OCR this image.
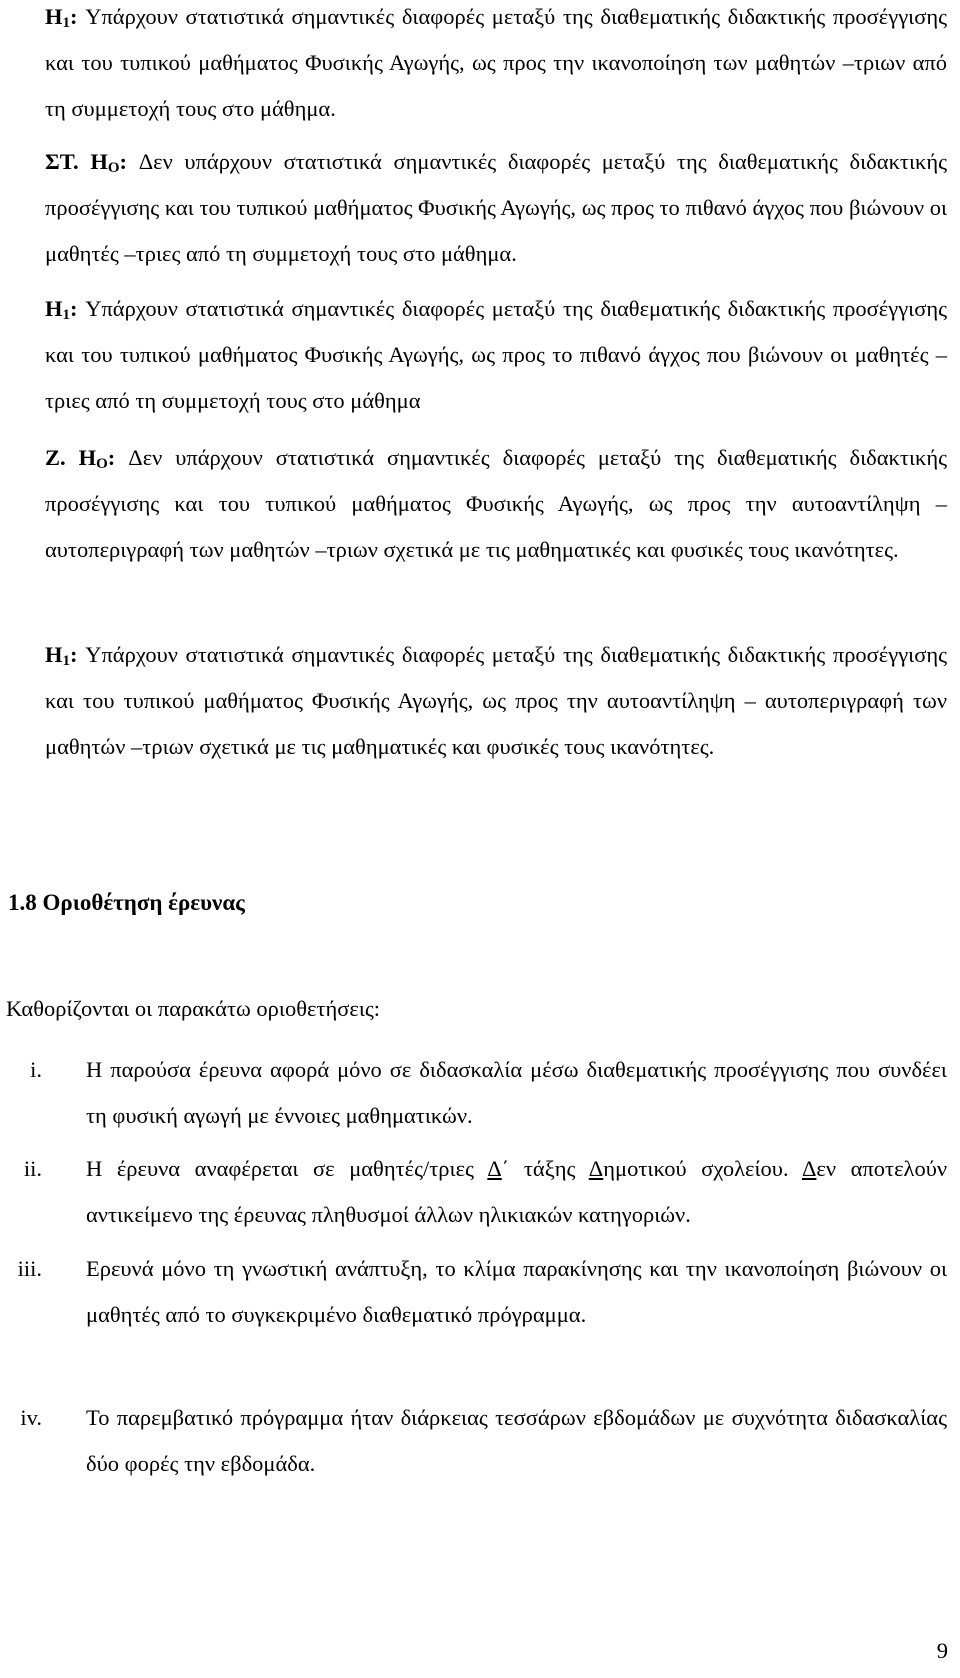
$H_1$: Υπάρχουν στατιστικά σημαντικές διαφορές μεταξύ της διαθεματικής διδακτικής προσέγγισης και του τυπικού μαθήματος Φυσικής Αγωγής, ως προς την ικανοποίηση των μαθητών –τριων από τη συμμετοχή τους στο μάθημα.
ΣΤ. $H_O$: Δεν υπάρχουν στατιστικά σημαντικές διαφορές μεταξύ της διαθεματικής διδακτικής προσέγγισης και του τυπικού μαθήματος Φυσικής Αγωγής, ως προς το πιθανό άγχος που βιώνουν οι μαθητές –τριες από τη συμμετοχή τους στο μάθημα.
$H_1$: Υπάρχουν στατιστικά σημαντικές διαφορές μεταξύ της διαθεματικής διδακτικής προσέγγισης και του τυπικού μαθήματος Φυσικής Αγωγής, ως προς το πιθανό άγχος που βιώνουν οι μαθητές –τριες από τη συμμετοχή τους στο μάθημα
Ζ. $H_O$: Δεν υπάρχουν στατιστικά σημαντικές διαφορές μεταξύ της διαθεματικής διδακτικής προσέγγισης και του τυπικού μαθήματος Φυσικής Αγωγής, ως προς την αυτοαντίληψη – αυτοπεριγραφή των μαθητών –τριων σχετικά με τις μαθηματικές και φυσικές τους ικανότητες.
$H_1$: Υπάρχουν στατιστικά σημαντικές διαφορές μεταξύ της διαθεματικής διδακτικής προσέγγισης και του τυπικού μαθήματος Φυσικής Αγωγής, ως προς την αυτοαντίληψη – αυτοπεριγραφή των μαθητών –τριων σχετικά με τις μαθηματικές και φυσικές τους ικανότητες.
1.8 Οριοθέτηση έρευνας
Καθορίζονται οι παρακάτω οριοθετήσεις:
i. Η παρούσα έρευνα αφορά μόνο σε διδασκαλία μέσω διαθεματικής προσέγγισης που συνδέει τη φυσική αγωγή με έννοιες μαθηματικών.
ii. Η έρευνα αναφέρεται σε μαθητές/τριες Δ΄ τάξης Δημοτικού σχολείου. Δεν αποτελούν αντικείμενο της έρευνας πληθυσμοί άλλων ηλικιακών κατηγοριών.
iii. Ερευνά μόνο τη γνωστική ανάπτυξη, το κλίμα παρακίνησης και την ικανοποίηση βιώνουν οι μαθητές από το συγκεκριμένο διαθεματικό πρόγραμμα.
iv. Το παρεμβατικό πρόγραμμα ήταν διάρκειας τεσσάρων εβδομάδων με συχνότητα διδασκαλίας δύο φορές την εβδομάδα.
9
